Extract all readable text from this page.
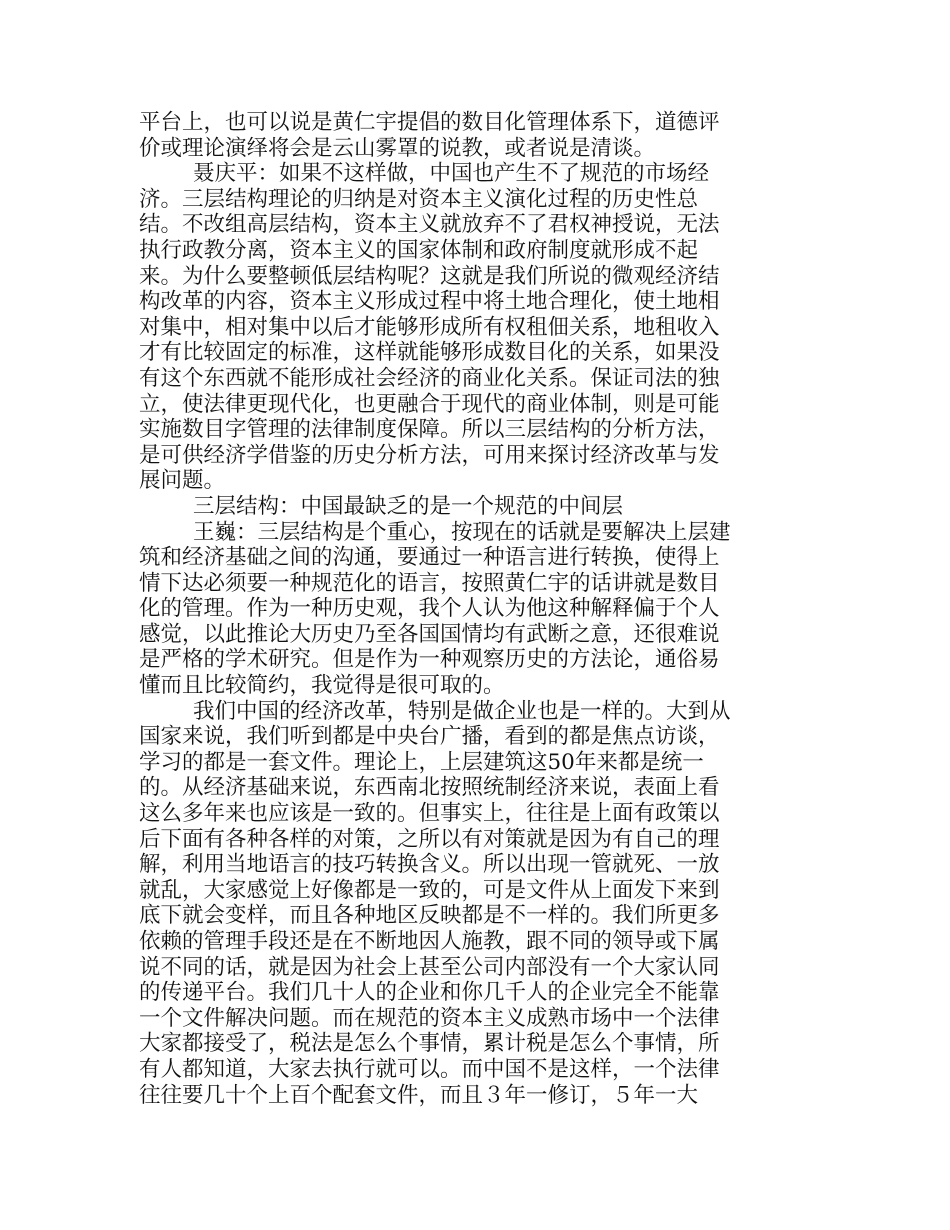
平台上，也可以说是黄仁宇提倡的数目化管理体系下，道德评
价或理论演绎将会是云山雾罩的说教，或者说是清谈。
聂庆平：如果不这样做，中国也产生不了规范的市场经
济。三层结构理论的归纳是对资本主义演化过程的历史性总
结。不改组高层结构，资本主义就放弃不了君权神授说，无法
执行政教分离，资本主义的国家体制和政府制度就形成不起
来。为什么要整顿低层结构呢？这就是我们所说的微观经济结
构改革的内容，资本主义形成过程中将土地合理化，使土地相
对集中，相对集中以后才能够形成所有权租佃关系，地租收入
才有比较固定的标准，这样就能够形成数目化的关系，如果没
有这个东西就不能形成社会经济的商业化关系。保证司法的独
立，使法律更现代化，也更融合于现代的商业体制，则是可能
实施数目字管理的法律制度保障。所以三层结构的分析方法，
是可供经济学借鉴的历史分析方法，可用来探讨经济改革与发
展问题。
三层结构：中国最缺乏的是一个规范的中间层
王巍：三层结构是个重心，按现在的话就是要解决上层建
筑和经济基础之间的沟通，要通过一种语言进行转换，使得上
情下达必须要一种规范化的语言，按照黄仁宇的话讲就是数目
化的管理。作为一种历史观，我个人认为他这种解释偏于个人
感觉，以此推论大历史乃至各国国情均有武断之意，还很难说
是严格的学术研究。但是作为一种观察历史的方法论，通俗易
懂而且比较简约，我觉得是很可取的。
我们中国的经济改革，特别是做企业也是一样的。大到从
国家来说，我们听到都是中央台广播，看到的都是焦点访谈，
学习的都是一套文件。理论上，上层建筑这50年来都是统一
的。从经济基础来说，东西南北按照统制经济来说，表面上看
这么多年来也应该是一致的。但事实上，往往是上面有政策以
后下面有各种各样的对策，之所以有对策就是因为有自己的理
解，利用当地语言的技巧转换含义。所以出现一管就死、一放
就乱，大家感觉上好像都是一致的，可是文件从上面发下来到
底下就会变样，而且各种地区反映都是不一样的。我们所更多
依赖的管理手段还是在不断地因人施教，跟不同的领导或下属
说不同的话，就是因为社会上甚至公司内部没有一个大家认同
的传递平台。我们几十人的企业和你几千人的企业完全不能靠
一个文件解决问题。而在规范的资本主义成熟市场中一个法律
大家都接受了，税法是怎么个事情，累计税是怎么个事情，所
有人都知道，大家去执行就可以。而中国不是这样，一个法律
往往要几十个上百个配套文件，而且３年一修订，５年一大
